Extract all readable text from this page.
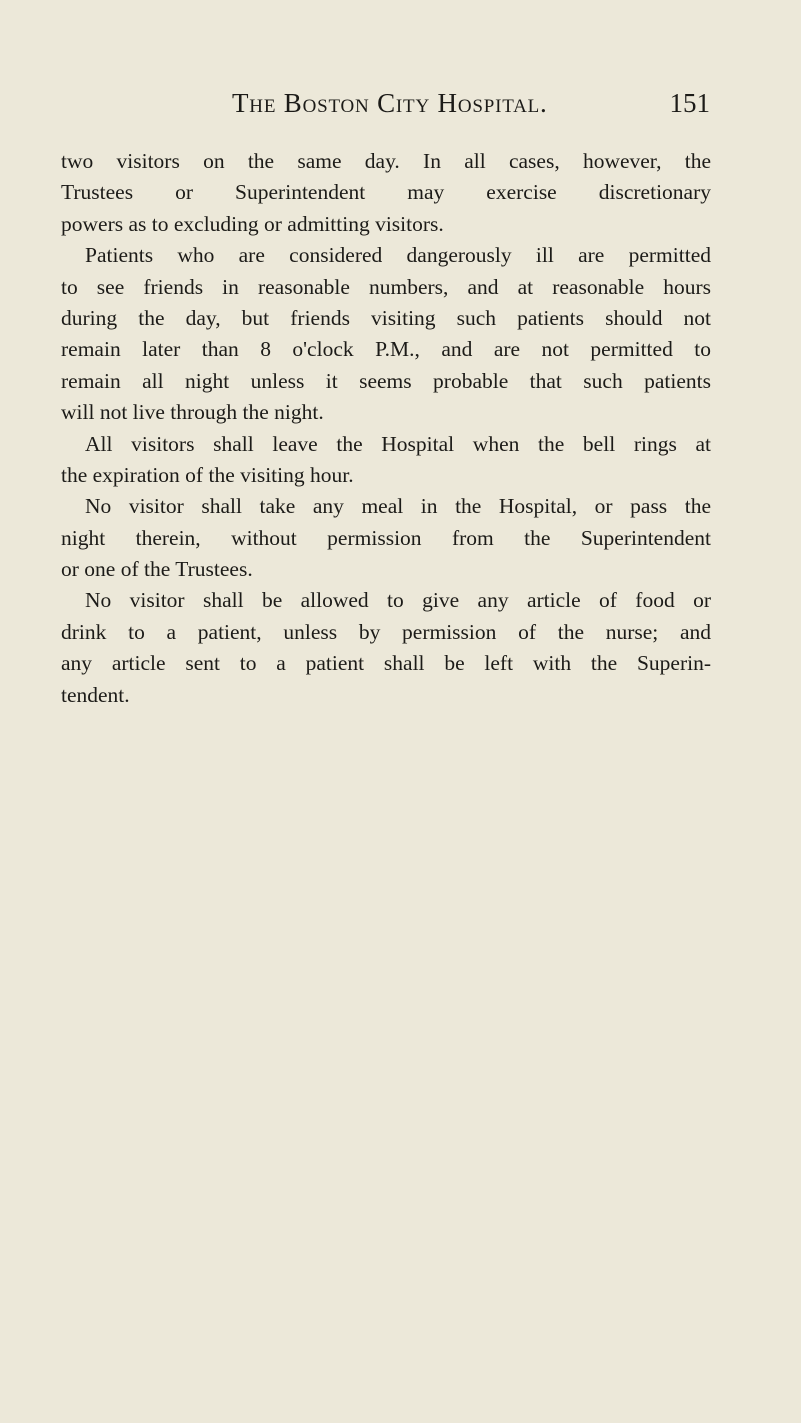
The Boston City Hospital.	151
two visitors on the same day. In all cases, however, the
Trustees or Superintendent may exercise discretionary
powers as to excluding or admitting visitors.
Patients who are considered dangerously ill are permitted
to see friends in reasonable numbers, and at reasonable hours
during the day, but friends visiting such patients should not
remain later than 8 o'clock P.M., and are not permitted to
remain all night unless it seems probable that such patients
will not live through the night.
All visitors shall leave the Hospital when the bell rings at
the expiration of the visiting hour.
No visitor shall take any meal in the Hospital, or pass the
night therein, without permission from the Superintendent
or one of the Trustees.
No visitor shall be allowed to give any article of food or
drink to a patient, unless by permission of the nurse; and
any article sent to a patient shall be left with the Superin-
tendent.
